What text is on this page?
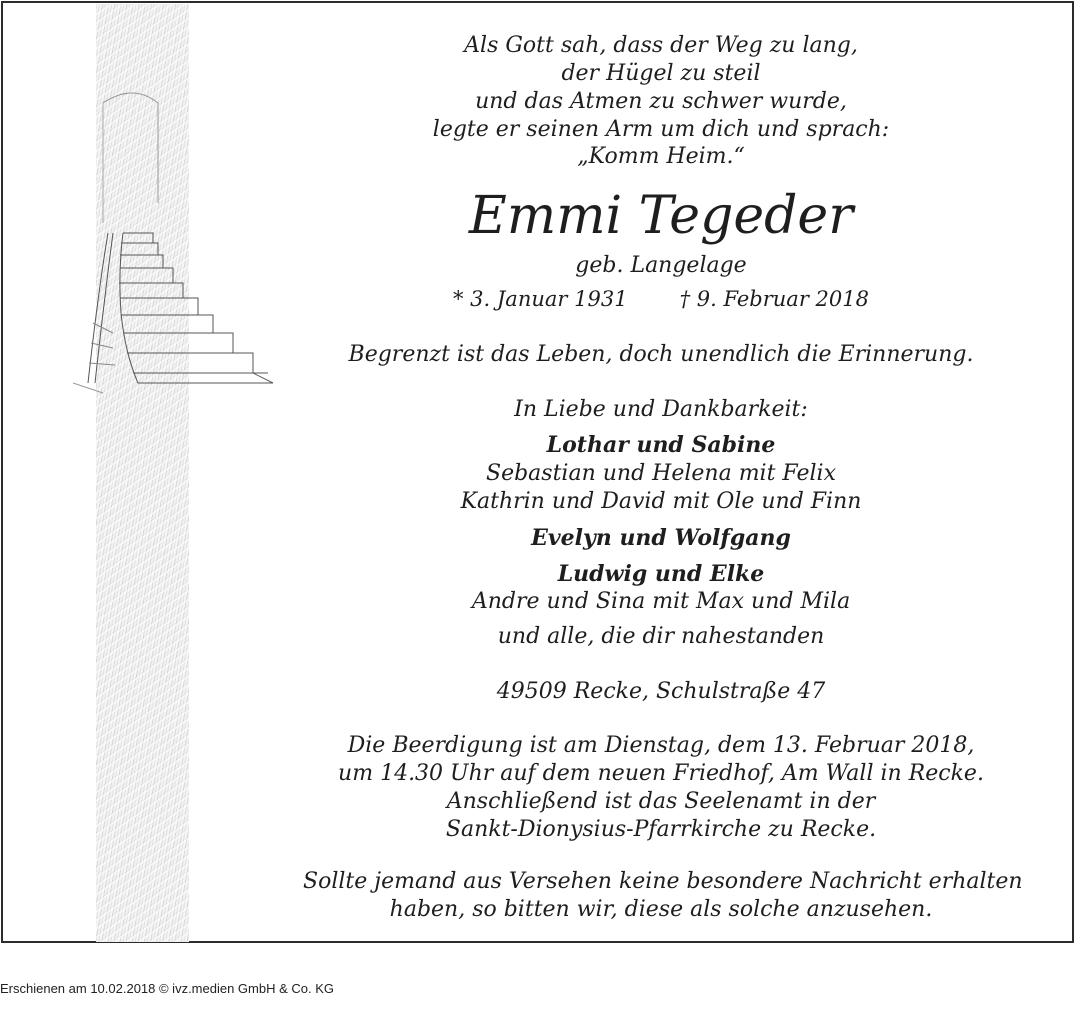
Als Gott sah, dass der Weg zu lang,
der Hügel zu steil
und das Atmen zu schwer wurde,
legte er seinen Arm um dich und sprach:
„Komm Heim.“
Emmi Tegeder
geb. Langelage
* 3. Januar 1931 † 9. Februar 2018
Begrenzt ist das Leben, doch unendlich die Erinnerung.
In Liebe und Dankbarkeit:
Lothar und Sabine
Sebastian und Helena mit Felix
Kathrin und David mit Ole und Finn
Evelyn und Wolfgang
Ludwig und Elke
Andre und Sina mit Max und Mila
und alle, die dir nahestanden
49509 Recke, Schulstraße 47
Die Beerdigung ist am Dienstag, dem 13. Februar 2018,
um 14.30 Uhr auf dem neuen Friedhof, Am Wall in Recke.
Anschließend ist das Seelenamt in der
Sankt-Dionysius-Pfarrkirche zu Recke.
Sollte jemand aus Versehen keine besondere Nachricht erhalten
haben, so bitten wir, diese als solche anzusehen.
Erschienen am 10.02.2018 © ivz.medien GmbH & Co. KG
